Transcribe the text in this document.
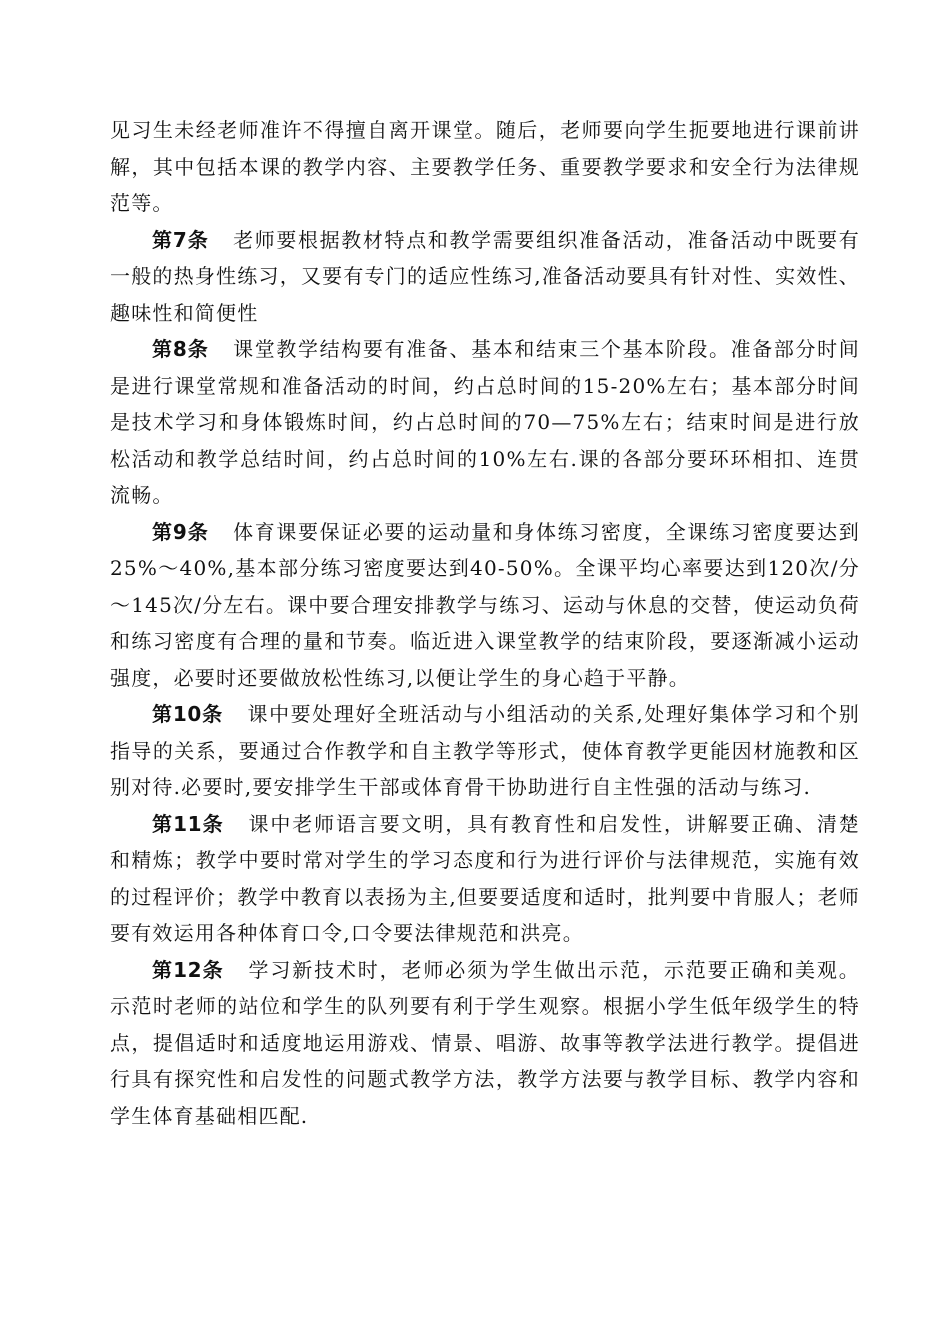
见习生未经老师准许不得擅自离开课堂。随后，老师要向学生扼要地进行课前讲解，其中包括本课的教学内容、主要教学任务、重要教学要求和安全行为法律规范等。

第7条 老师要根据教材特点和教学需要组织准备活动，准备活动中既要有一般的热身性练习，又要有专门的适应性练习,准备活动要具有针对性、实效性、趣味性和简便性

第8条 课堂教学结构要有准备、基本和结束三个基本阶段。准备部分时间是进行课堂常规和准备活动的时间，约占总时间的15-20%左右；基本部分时间是技术学习和身体锻炼时间，约占总时间的70—75%左右；结束时间是进行放松活动和教学总结时间，约占总时间的10%左右.课的各部分要环环相扣、连贯流畅。

第9条 体育课要保证必要的运动量和身体练习密度，全课练习密度要达到25%～40%,基本部分练习密度要达到40-50%。全课平均心率要达到120次/分～145次/分左右。课中要合理安排教学与练习、运动与休息的交替，使运动负荷和练习密度有合理的量和节奏。临近进入课堂教学的结束阶段，要逐渐减小运动强度，必要时还要做放松性练习,以便让学生的身心趋于平静。

第10条 课中要处理好全班活动与小组活动的关系,处理好集体学习和个别指导的关系，要通过合作教学和自主教学等形式，使体育教学更能因材施教和区别对待.必要时,要安排学生干部或体育骨干协助进行自主性强的活动与练习.

第11条 课中老师语言要文明，具有教育性和启发性，讲解要正确、清楚和精炼；教学中要时常对学生的学习态度和行为进行评价与法律规范，实施有效的过程评价；教学中教育以表扬为主,但要要适度和适时，批判要中肯服人；老师要有效运用各种体育口令,口令要法律规范和洪亮。

第12条 学习新技术时，老师必须为学生做出示范，示范要正确和美观。示范时老师的站位和学生的队列要有利于学生观察。根据小学生低年级学生的特点，提倡适时和适度地运用游戏、情景、唱游、故事等教学法进行教学。提倡进行具有探究性和启发性的问题式教学方法，教学方法要与教学目标、教学内容和学生体育基础相匹配.
